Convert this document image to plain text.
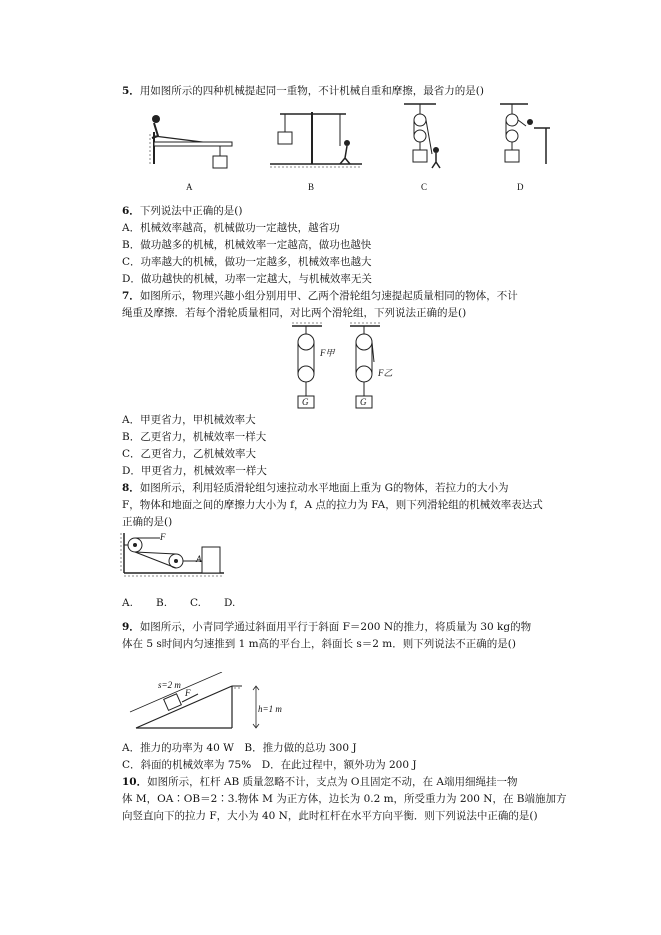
5．用如图所示的四种机械提起同一重物，不计机械自重和摩擦，最省力的是()
A	B	C	D
6．下列说法中正确的是()
A．机械效率越高，机械做功一定越快，越省功
B．做功越多的机械，机械效率一定越高，做功也越快
C．功率越大的机械，做功一定越多，机械效率也越大
D．做功越快的机械，功率一定越大，与机械效率无关
7．如图所示，物理兴趣小组分别用甲、乙两个滑轮组匀速提起质量相同的物体，不计
绳重及摩擦．若每个滑轮质量相同，对比两个滑轮组，下列说法正确的是()
F甲
F乙
G	G
A．甲更省力，甲机械效率大
B．乙更省力，机械效率一样大
C．乙更省力，乙机械效率大
D．甲更省力，机械效率一样大
8．如图所示，利用轻质滑轮组匀速拉动水平地面上重为 G的物体，若拉力的大小为
F，物体和地面之间的摩擦力大小为 f，A 点的拉力为 FA，则下列滑轮组的机械效率表达式
正确的是()
F
A
A. B. C. D.
9．如图所示，小青同学通过斜面用平行于斜面 F＝200 N的推力，将质量为 30 kg的物
体在 5 s时间内匀速推到 1 m高的平台上，斜面长 s＝2 m．则下列说法不正确的是()
s=2 m
F
h=1 m
A．推力的功率为 40 W　B．推力做的总功 300 J
C．斜面的机械效率为 75%　D．在此过程中，额外功为 200 J
10．如图所示，杠杆 AB 质量忽略不计，支点为 O且固定不动，在 A端用细绳挂一物
体 M，OA∶OB＝2∶3.物体 M 为正方体，边长为 0.2 m，所受重力为 200 N，在 B端施加方
向竖直向下的拉力 F，大小为 40 N，此时杠杆在水平方向平衡．则下列说法中正确的是()
